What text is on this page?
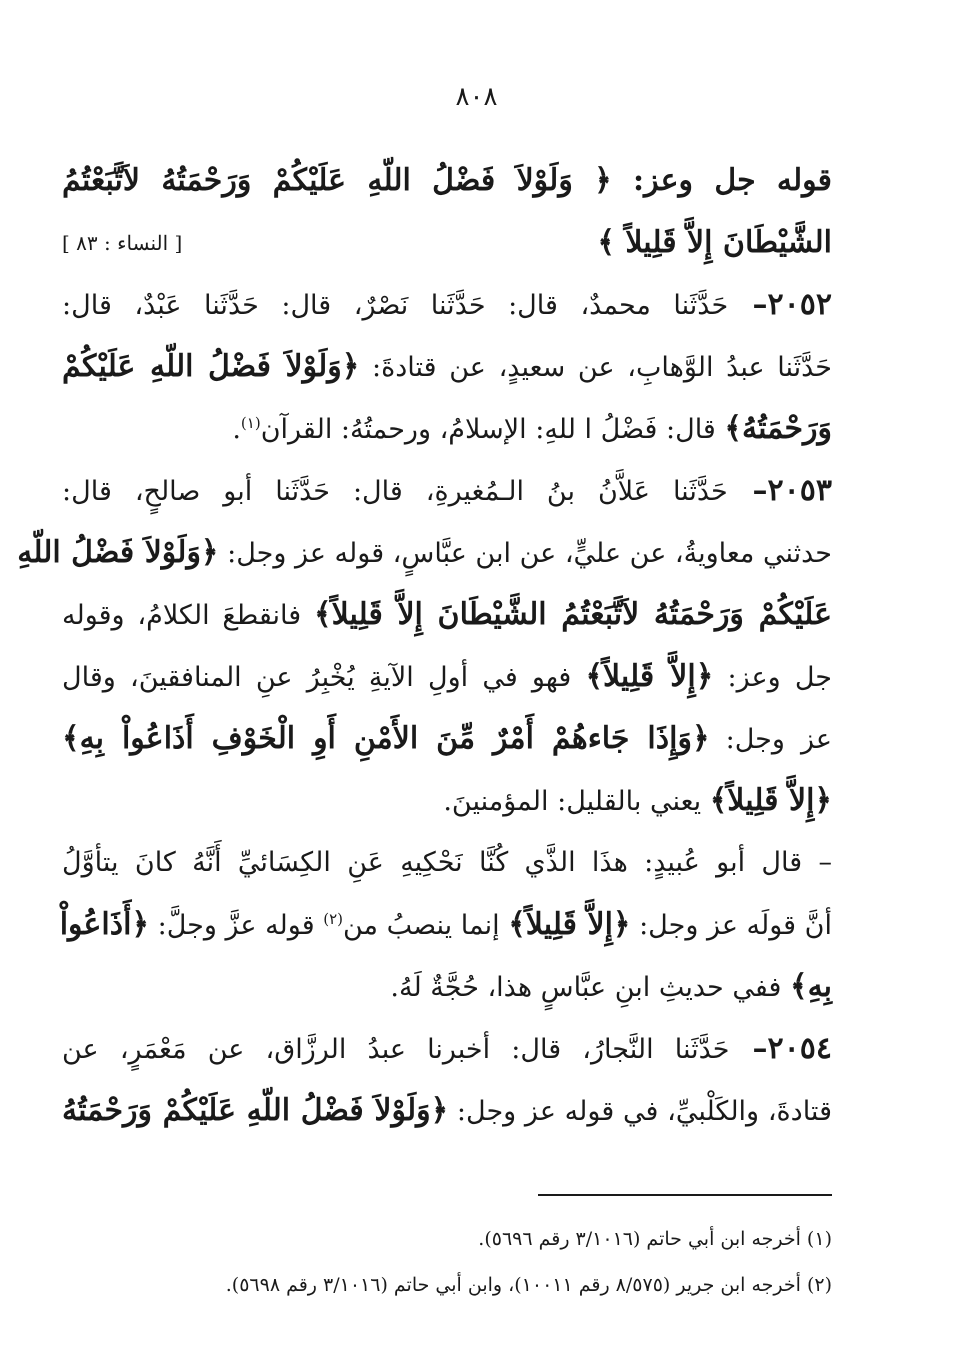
٨٠٨
قوله جل وعز: ﴿ وَلَوْلاَ فَضْلُ اللّهِ عَلَيْكُمْ وَرَحْمَتُهُ لاَتَّبَعْتُمُ
الشَّيْطَانَ إِلاَّ قَلِيلاً ﴾
[ النساء : ٨٣ ]
٢٠٥٢– حَدَّثَنا محمدٌ، قال: حَدَّثَنا نَصْرٌ، قال: حَدَّثَنا عَبْدٌ، قال:
حَدَّثَنا عبدُ الوَّهابِ، عن سعيدٍ، عن قتادةَ: ﴿وَلَوْلاَ فَضْلُ اللّهِ عَلَيْكُمْ
وَرَحْمَتُهُ﴾ قال: فَضْلُ ا للهِ: الإسلامُ، ورحمتُهُ: القرآن$^{(١)}$.
٢٠٥٣– حَدَّثَنا عَلاَّنُ بنُ الـمُغيرةِ، قال: حَدَّثَنا أبو صالحٍ، قال:
حدثني معاويةُ، عن عليٍّ، عن ابن عبَّاسٍ، قوله عز وجل: ﴿وَلَوْلاَ فَضْلُ اللّهِ
عَلَيْكُمْ وَرَحْمَتُهُ لاَتَّبَعْتُمُ الشَّيْطَانَ إِلاَّ قَلِيلاً﴾ فانقطعَ الكلامُ، وقوله
جل وعز: ﴿إِلاَّ قَلِيلاً﴾ فهو في أولِ الآيةِ يُخْبِرُ عنِ المنافقينَ، وقال
عز وجل: ﴿وَإِذَا جَاءهُمْ أَمْرٌ مِّنَ الأَمْنِ أَوِ الْخَوْفِ أَذَاعُواْ بِهِ﴾
﴿إِلاَّ قَلِيلاً﴾ يعني بالقليل: المؤمنينَ.
– قال أبو عُبيدٍ: هذَا الذَّي كُنَّا نَحْكِيهِ عَنِ الكِسَائيِّ أَنَّهُ كانَ يتأوَّلُ
أنَّ قولَه عز وجل: ﴿إِلاَّ قَلِيلاً﴾ إنما ينصبُ من$^{(٢)}$ قوله عزَّ وجلَّ: ﴿أَذَاعُواْ
بِهِ﴾ ففي حديثِ ابنِ عبَّاسٍ هذا، حُجَّةٌ لَهُ.
٢٠٥٤– حَدَّثَنا النَّجارُ، قال: أخبرنا عبدُ الرزَّاق، عن مَعْمَرٍ، عن
قتادةَ، والكَلْبيِّ، في قوله عز وجل: ﴿وَلَوْلاَ فَضْلُ اللّهِ عَلَيْكُمْ وَرَحْمَتُهُ
(١) أخرجه ابن أبي حاتم (٣/١٠١٦ رقم ٥٦٩٦).
(٢) أخرجه ابن جرير (٨/٥٧٥ رقم ١٠٠١١)، وابن أبي حاتم (٣/١٠١٦ رقم ٥٦٩٨).
